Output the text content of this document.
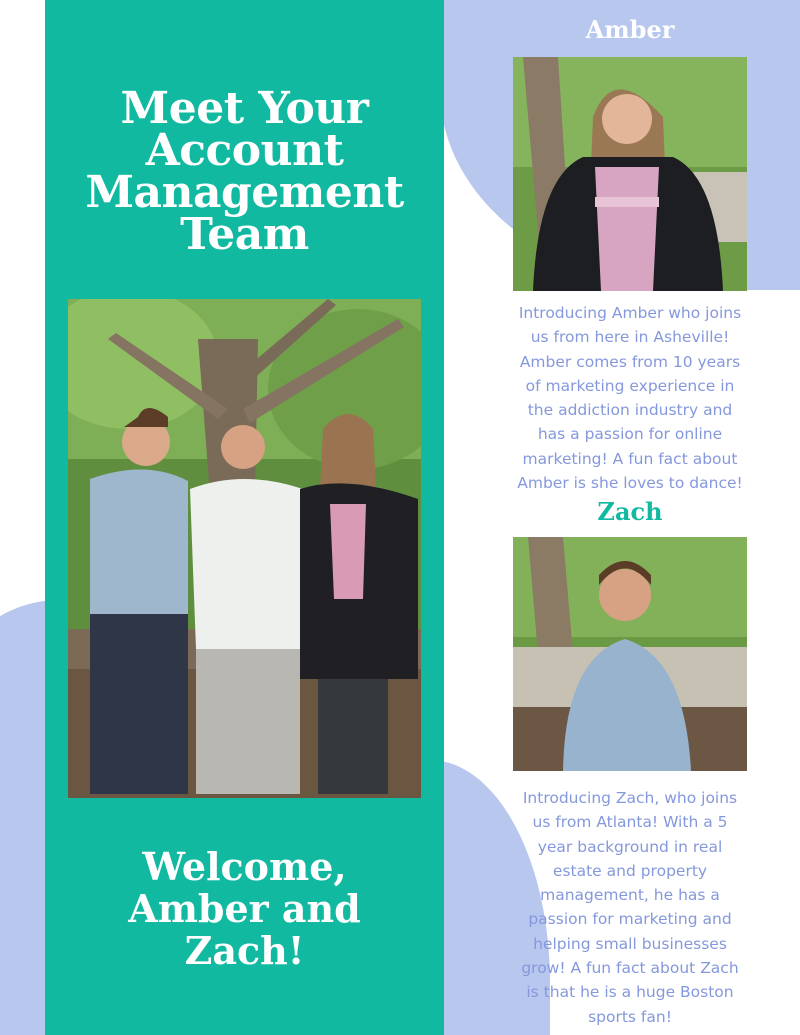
Meet Your
Account
Management
Team
Welcome,
Amber and
Zach!
Amber

Introducing Amber who joins
us from here in Asheville!
Amber comes from 10 years
of marketing experience in
the addiction industry and
has a passion for online
marketing! A fun fact about
Amber is she loves to dance!

Zach

Introducing Zach, who joins
us from Atlanta! With a 5
year background in real
estate and property
management, he has a
passion for marketing and
helping small businesses
grow! A fun fact about Zach
is that he is a huge Boston
sports fan!
